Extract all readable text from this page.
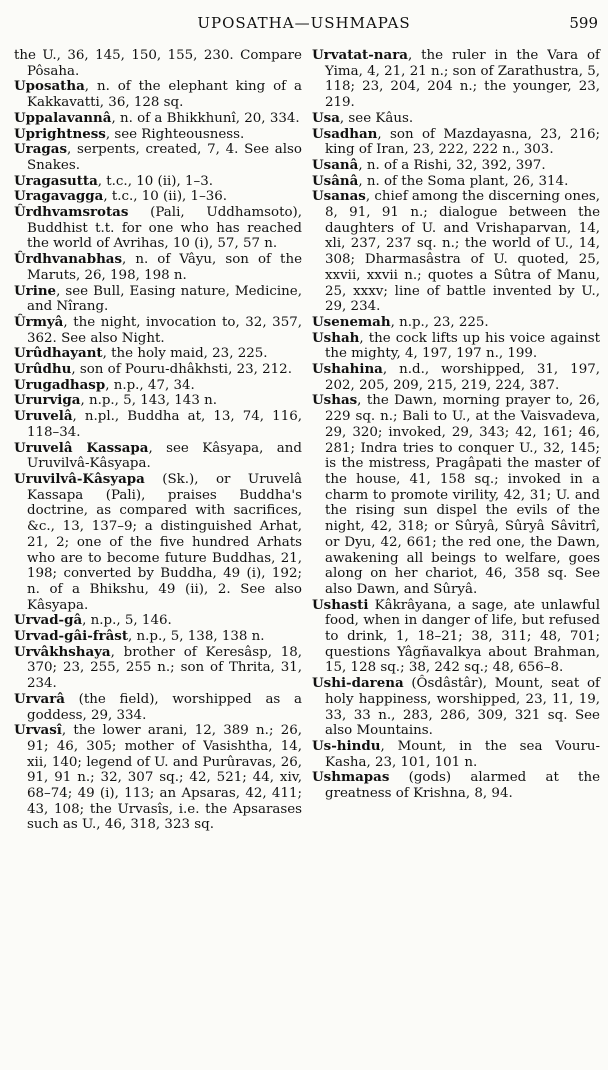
UPOSATHA—USHMAPAS	599

the U., 36, 145, 150, 155, 230. Compare Pôsaha.

Uposatha, n. of the elephant king of a Kakkavatti, 36, 128 sq.

Uppalavannâ, n. of a Bhikkhunî, 20, 334.

Uprightness, see Righteousness.

Uragas, serpents, created, 7, 4. See also Snakes.

Uragasutta, t.c., 10 (ii), 1–3.

Uragavagga, t.c., 10 (ii), 1–36.

Ûrdhvamsrotas (Pali, Uddhamsoto), Buddhist t.t. for one who has reached the world of Avrihas, 10 (i), 57, 57 n.

Ûrdhvanabhas, n. of Vâyu, son of the Maruts, 26, 198, 198 n.

Urine, see Bull, Easing nature, Medicine, and Nîrang.

Ûrmyâ, the night, invocation to, 32, 357, 362. See also Night.

Urûdhayant, the holy maid, 23, 225.

Urûdhu, son of Pouru-dhâkhsti, 23, 212.

Urugadhasp, n.p., 47, 34.

Ururviga, n.p., 5, 143, 143 n.

Uruvelâ, n.pl., Buddha at, 13, 74, 116, 118–34.

Uruvelâ Kassapa, see Kâsyapa, and Uruvilvâ-Kâsyapa.

Uruvilvâ-Kâsyapa (Sk.), or Uruvelâ Kassapa (Pali), praises Buddha's doctrine, as compared with sacrifices, &c., 13, 137–9; a distinguished Arhat, 21, 2; one of the five hundred Arhats who are to become future Buddhas, 21, 198; converted by Buddha, 49 (i), 192; n. of a Bhikshu, 49 (ii), 2. See also Kâsyapa.

Urvad-gâ, n.p., 5, 146.

Urvad-gâi-frâst, n.p., 5, 138, 138 n.

Urvâkhshaya, brother of Keresâsp, 18, 370; 23, 255, 255 n.; son of Thrita, 31, 234.

Urvarâ (the field), worshipped as a goddess, 29, 334.

Urvasî, the lower arani, 12, 389 n.; 26, 91; 46, 305; mother of Vasishtha, 14, xii, 140; legend of U. and Purûravas, 26, 91, 91 n.; 32, 307 sq.; 42, 521; 44, xiv, 68–74; 49 (i), 113; an Apsaras, 42, 411; 43, 108; the Urvasîs, i.e. the Apsarases such as U., 46, 318, 323 sq.

Urvatat-nara, the ruler in the Vara of Yima, 4, 21, 21 n.; son of Zarathustra, 5, 118; 23, 204, 204 n.; the younger, 23, 219.

Usa, see Kâus.

Usadhan, son of Mazdayasna, 23, 216; king of Iran, 23, 222, 222 n., 303.

Usanâ, n. of a Rishi, 32, 392, 397.

Usânâ, n. of the Soma plant, 26, 314.

Usanas, chief among the discerning ones, 8, 91, 91 n.; dialogue between the daughters of U. and Vrishaparvan, 14, xli, 237, 237 sq. n.; the world of U., 14, 308; Dharmasâstra of U. quoted, 25, xxvii, xxvii n.; quotes a Sûtra of Manu, 25, xxxv; line of battle invented by U., 29, 234.

Usenemah, n.p., 23, 225.

Ushah, the cock lifts up his voice against the mighty, 4, 197, 197 n., 199.

Ushahina, n.d., worshipped, 31, 197, 202, 205, 209, 215, 219, 224, 387.

Ushas, the Dawn, morning prayer to, 26, 229 sq. n.; Bali to U., at the Vaisvadeva, 29, 320; invoked, 29, 343; 42, 161; 46, 281; Indra tries to conquer U., 32, 145; is the mistress, Pragâpati the master of the house, 41, 158 sq.; invoked in a charm to promote virility, 42, 31; U. and the rising sun dispel the evils of the night, 42, 318; or Sûryâ, Sûryâ Sâvitrî, or Dyu, 42, 661; the red one, the Dawn, awakening all beings to welfare, goes along on her chariot, 46, 358 sq. See also Dawn, and Sûryâ.

Ushasti Kâkrâyana, a sage, ate unlawful food, when in danger of life, but refused to drink, 1, 18–21; 38, 311; 48, 701; questions Yâgñavalkya about Brahman, 15, 128 sq.; 38, 242 sq.; 48, 656–8.

Ushi-darena (Ôsdâstâr), Mount, seat of holy happiness, worshipped, 23, 11, 19, 33, 33 n., 283, 286, 309, 321 sq. See also Mountains.

Us-hindu, Mount, in the sea Vouru-Kasha, 23, 101, 101 n.

Ushmapas (gods) alarmed at the greatness of Krishna, 8, 94.
